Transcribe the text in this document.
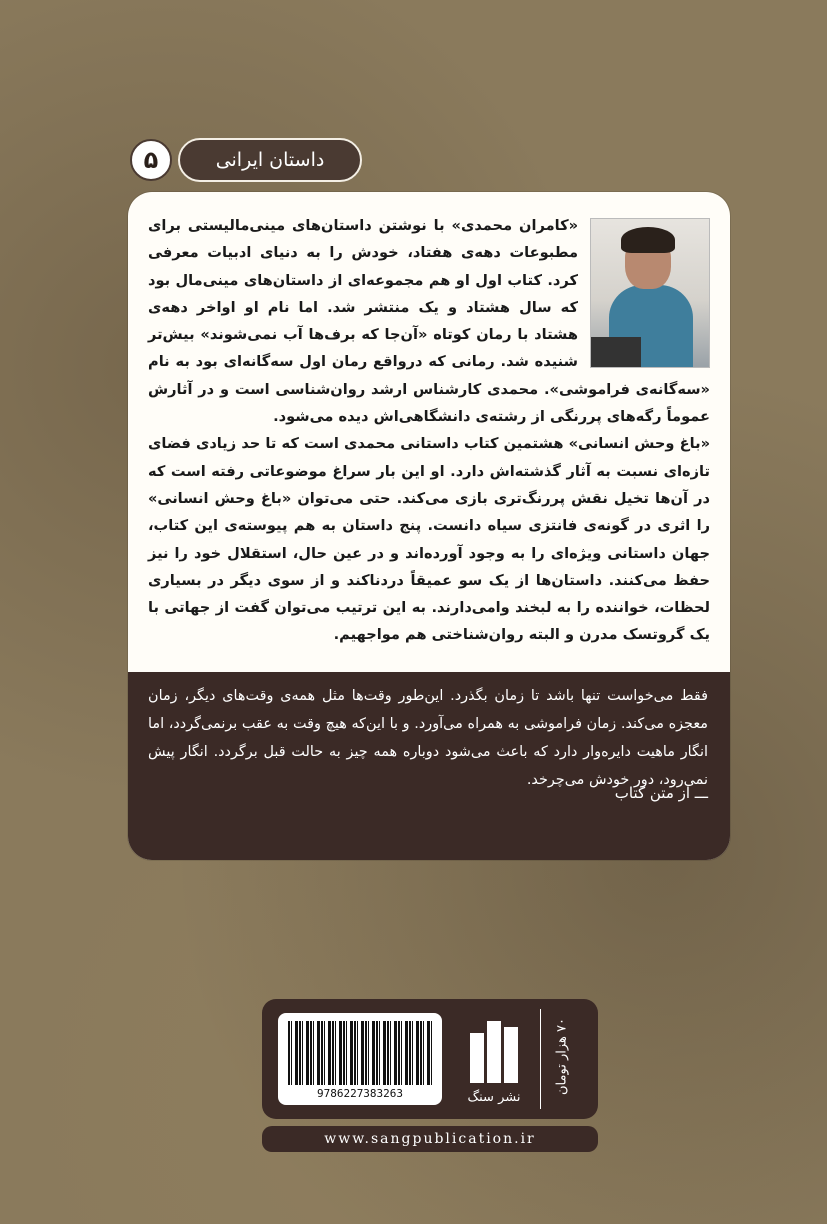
داستان ایرانی
۵

«کامران محمدی» با نوشتن داستان‌های مینی‌مالیستی برای مطبوعات دهه‌ی هفتاد، خودش را به دنیای ادبیات معرفی کرد. کتاب اول او هم مجموعه‌ای از داستان‌های مینی‌مال بود که سال هشتاد و یک منتشر شد. اما نام او اواخر دهه‌ی هشتاد با رمان کوتاه «آن‌جا که برف‌ها آب نمی‌شوند» بیش‌تر شنیده شد. رمانی که درواقع رمان اول سه‌گانه‌ای بود به نام «سه‌گانه‌ی فراموشی». محمدی کارشناس ارشد روان‌شناسی است و در آثارش عموماً رگه‌های پررنگی از رشته‌ی دانشگاهی‌اش دیده می‌شود.

«باغ وحش انسانی» هشتمین کتاب داستانی محمدی است که تا حد زیادی فضای تازه‌ای نسبت به آثار گذشته‌اش دارد. او این بار سراغ موضوعاتی رفته است که در آن‌ها تخیل نقش پررنگ‌تری بازی می‌کند. حتی می‌توان «باغ وحش انسانی» را اثری در گونه‌ی فانتزی سیاه دانست. پنج داستان به هم پیوسته‌ی این کتاب، جهان داستانی ویژه‌ای را به وجود آورده‌اند و در عین حال، استقلال خود را نیز حفظ می‌کنند. داستان‌ها از یک سو عمیقاً دردناکند و از سوی دیگر در بسیاری لحظات، خواننده را به لبخند وامی‌دارند. به این ترتیب می‌توان گفت از جهاتی با یک گروتسک مدرن و البته روان‌شناختی هم مواجهیم.

فقط می‌خواست تنها باشد تا زمان بگذرد. این‌طور وقت‌ها مثل همه‌ی وقت‌های دیگر، زمان معجزه می‌کند. زمان فراموشی به همراه می‌آورد. و با این‌که هیچ وقت به عقب برنمی‌گردد، اما انگار ماهیت دایره‌وار دارد که باعث می‌شود دوباره همه چیز به حالت قبل برگردد. انگار پیش نمی‌رود، دور خودش می‌چرخد.

ـــ از متن کتاب
9786227383263	نشر سنگ
۷۰ هزار تومان
www.sangpublication.ir
